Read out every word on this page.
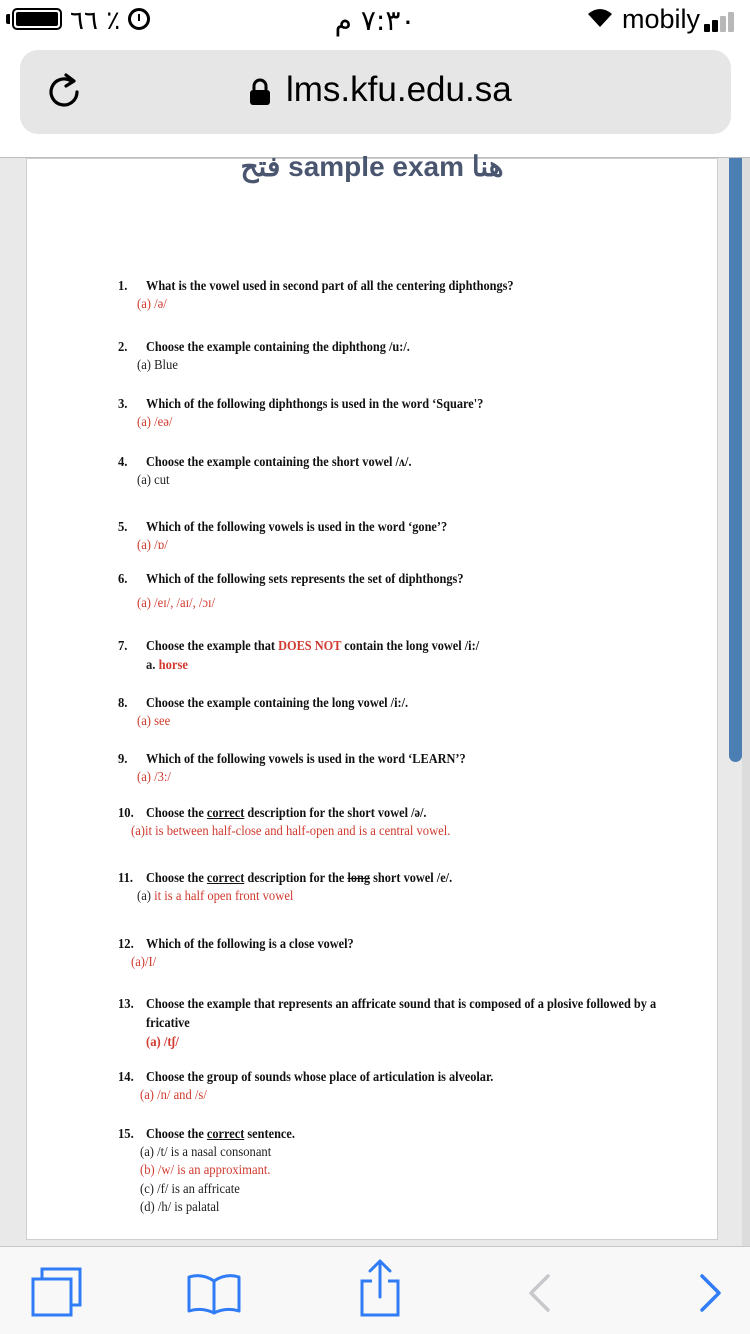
٦٦ ٪	٧:٣٠ م	mobily
lms.kfu.edu.sa
فتح sample exam هنا
1. What is the vowel used in second part of all the centering diphthongs?
(a) /ə/
2. Choose the example containing the diphthong /u:/.
(a) Blue
3. Which of the following diphthongs is used in the word ‘Square'?
(a) /eə/
4. Choose the example containing the short vowel /ʌ/.
(a) cut
5. Which of the following vowels is used in the word ‘gone’?
(a) /ɒ/
6. Which of the following sets represents the set of diphthongs?
(a) /eɪ/, /aɪ/, /ɔɪ/
7. Choose the example that DOES NOT contain the long vowel /i:/
a. horse
8. Choose the example containing the long vowel /i:/.
(a) see
9. Which of the following vowels is used in the word ‘LEARN’?
(a) /3:/
10. Choose the correct description for the short vowel /ə/.
(a)it is between half-close and half-open and is a central vowel.
11. Choose the correct description for the long short vowel /e/.
(a) it is a half open front vowel
12. Which of the following is a close vowel?
(a)/I/
13. Choose the example that represents an affricate sound that is composed of a plosive followed by a
fricative
(a) /tʃ/
14. Choose the group of sounds whose place of articulation is alveolar.
(a) /n/ and /s/
15. Choose the correct sentence.
(a) /t/ is a nasal consonant
(b) /w/ is an approximant.
(c) /f/ is an affricate
(d) /h/ is palatal
